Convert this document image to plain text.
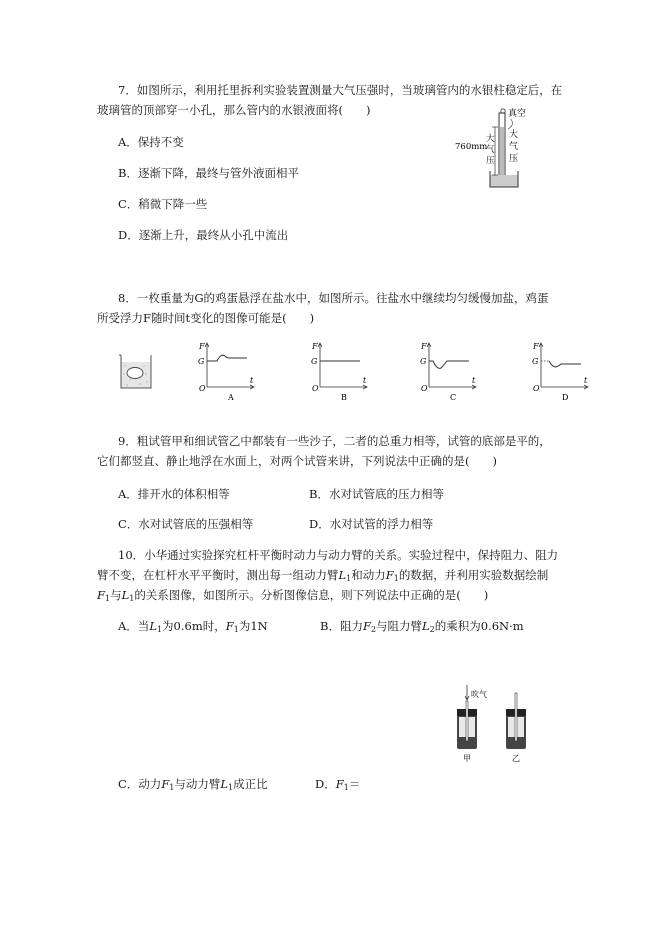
7．如图所示，利用托里拆利实验装置测量大气压强时，当玻璃管内的水银柱稳定后，在
玻璃管的顶部穿一小孔，那么管内的水银液面将(　　)
A．保持不变
B．逐渐下降，最终与管外液面相平
C．稍微下降一些
D．逐渐上升，最终从小孔中流出
真空
760mm
大 气 压
大 气 压
8．一枚重量为G的鸡蛋悬浮在盐水中，如图所示。往盐水中继续均匀缓慢加盐，鸡蛋
所受浮力F随时间t变化的图像可能是(　　)
F
G
O
t
A
F
G
O
t
B
F
G
O
t
C
F
G
O
t
D
9．粗试管甲和细试管乙中都装有一些沙子，二者的总重力相等，试管的底部是平的，
它们都竖直、静止地浮在水面上，对两个试管来讲，下列说法中正确的是(　　)
A．排开水的体积相等	B．水对试管底的压力相等
C．水对试管底的压强相等	D．水对试管的浮力相等
10．小华通过实验探究杠杆平衡时动力与动力臂的关系。实验过程中，保持阻力、阻力
臂不变，在杠杆水平平衡时，测出每一组动力臂$L_1$和动力$F_1$的数据，并利用实验数据绘制
$F_1$与$L_1$的关系图像，如图所示。分析图像信息，则下列说法中正确的是(　　)
A．当$L_1$为0.6m时，$F_1$为1N	B．阻力$F_2$与阻力臂$L_2$的乘积为0.6N·m
吹气
甲	乙
C．动力$F_1$与动力臂$L_1$成正比	D．$F_1=$
